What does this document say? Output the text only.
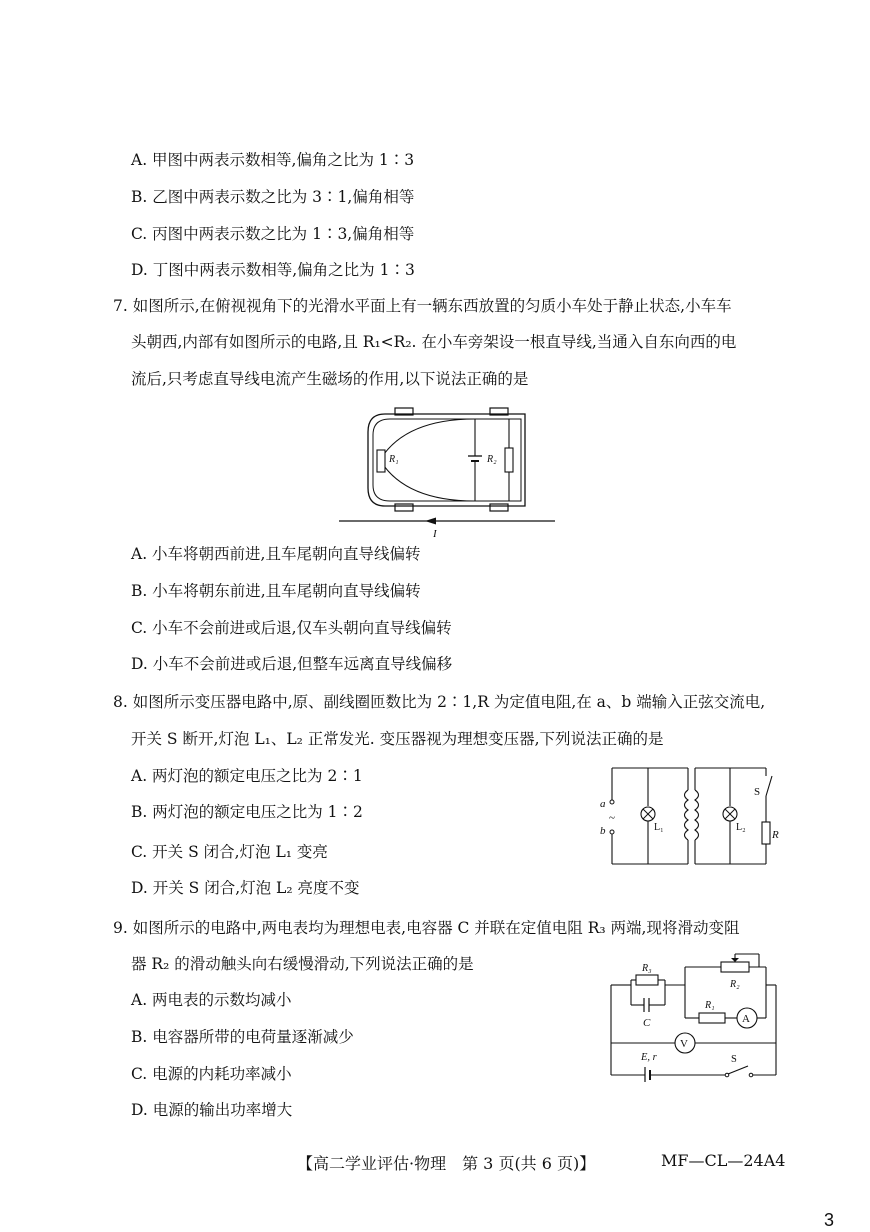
A. 甲图中两表示数相等,偏角之比为 1∶3
B. 乙图中两表示数之比为 3∶1,偏角相等
C. 丙图中两表示数之比为 1∶3,偏角相等
D. 丁图中两表示数相等,偏角之比为 1∶3
7. 如图所示,在俯视视角下的光滑水平面上有一辆东西放置的匀质小车处于静止状态,小车车
头朝西,内部有如图所示的电路,且 R₁<R₂. 在小车旁架设一根直导线,当通入自东向西的电
流后,只考虑直导线电流产生磁场的作用,以下说法正确的是
R₁	R₂
I
A. 小车将朝西前进,且车尾朝向直导线偏转
B. 小车将朝东前进,且车尾朝向直导线偏转
C. 小车不会前进或后退,仅车头朝向直导线偏转
D. 小车不会前进或后退,但整车远离直导线偏移
8. 如图所示变压器电路中,原、副线圈匝数比为 2∶1,R 为定值电阻,在 a、b 端输入正弦交流电,
开关 S 断开,灯泡 L₁、L₂ 正常发光. 变压器视为理想变压器,下列说法正确的是
A. 两灯泡的额定电压之比为 2∶1
B. 两灯泡的额定电压之比为 1∶2
C. 开关 S 闭合,灯泡 L₁ 变亮
D. 开关 S 闭合,灯泡 L₂ 亮度不变
a
~
b	L₁	L₂
S
R
9. 如图所示的电路中,两电表均为理想电表,电容器 C 并联在定值电阻 R₃ 两端,现将滑动变阻
器 R₂ 的滑动触头向右缓慢滑动,下列说法正确的是
A. 两电表的示数均减小
B. 电容器所带的电荷量逐渐减少
C. 电源的内耗功率减小
D. 电源的输出功率增大
R₃
C
R₂
R₁
A
V
E, r	S
【高二学业评估·物理　第 3 页(共 6 页)】	MF—CL—24A4
3
